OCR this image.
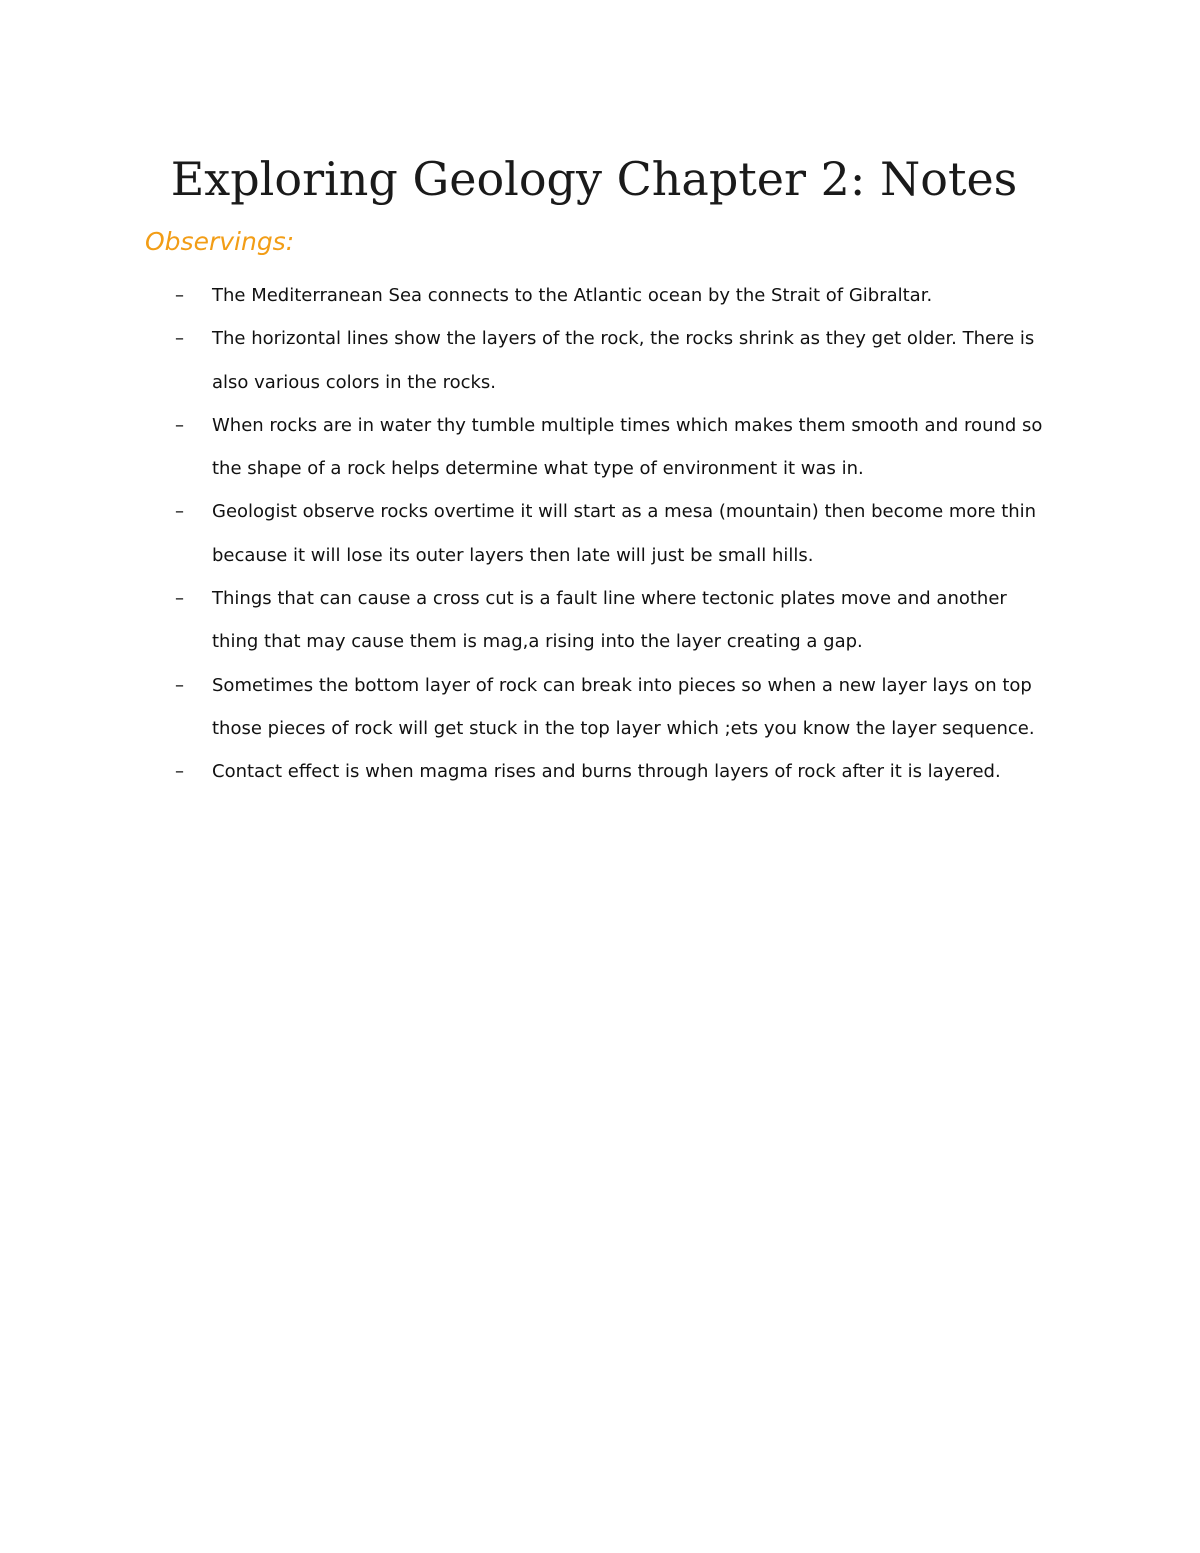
Exploring Geology Chapter 2: Notes
Observings:
– The Mediterranean Sea connects to the Atlantic ocean by the Strait of Gibraltar.
– The horizontal lines show the layers of the rock, the rocks shrink as they get older. There is also various colors in the rocks.
– When rocks are in water thy tumble multiple times which makes them smooth and round so the shape of a rock helps determine what type of environment it was in.
– Geologist observe rocks overtime it will start as a mesa (mountain) then become more thin because it will lose its outer layers then late will just be small hills.
– Things that can cause a cross cut is a fault line where tectonic plates move and another thing that may cause them is mag,a rising into the layer creating a gap.
– Sometimes the bottom layer of rock can break into pieces so when a new layer lays on top those pieces of rock will get stuck in the top layer which ;ets you know the layer sequence.
– Contact effect is when magma rises and burns through layers of rock after it is layered.
